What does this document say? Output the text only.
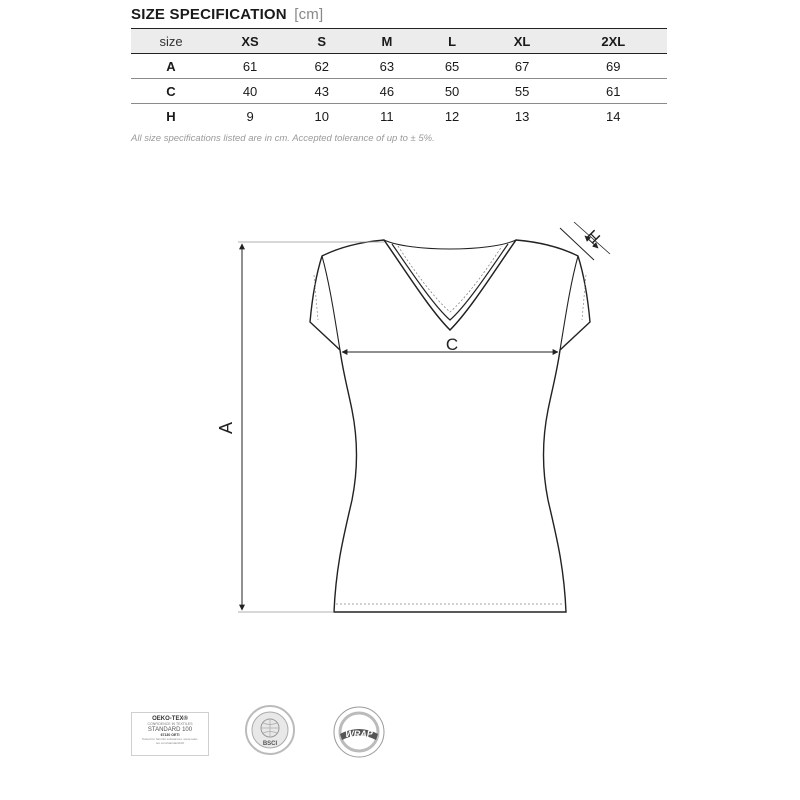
SIZE SPECIFICATION [cm]
size	XS	S	M	L	XL	2XL
A	61	62	63	65	67	69
C	40	43	46	50	55	61
H	9	10	11	12	13	14
All size specifications listed are in cm. Accepted tolerance of up to ± 5%.
A
C
H
OEKO-TEX®
CONFIDENCE IN TEXTILES
STANDARD 100
67130 OETI
Tested for harmful substances. www.oeko-tex.com/standard100	BSCI
WRAP
